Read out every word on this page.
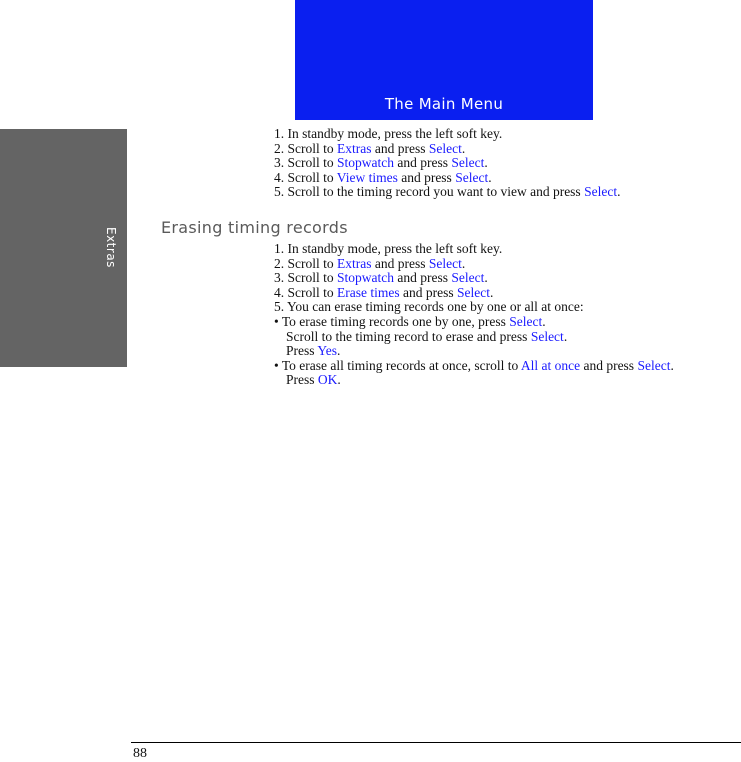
The Main Menu
Extras
1. In standby mode, press the left soft key.
2. Scroll to Extras and press Select.
3. Scroll to Stopwatch and press Select.
4. Scroll to View times and press Select.
5. Scroll to the timing record you want to view and press Select.
Erasing timing records
1. In standby mode, press the left soft key.
2. Scroll to Extras and press Select.
3. Scroll to Stopwatch and press Select.
4. Scroll to Erase times and press Select.
5. You can erase timing records one by one or all at once:
• To erase timing records one by one, press Select.
Scroll to the timing record to erase and press Select.
Press Yes.
• To erase all timing records at once, scroll to All at once and press Select.
Press OK.
88
